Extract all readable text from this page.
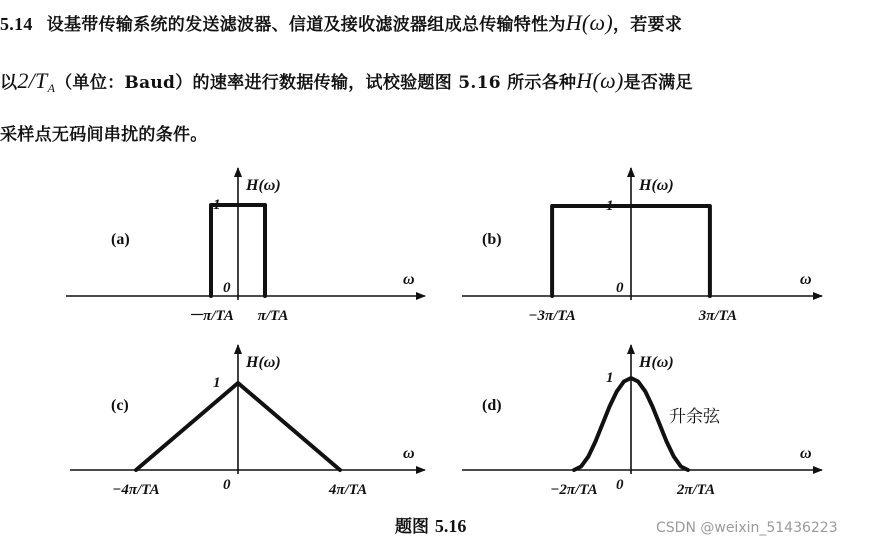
5.14 设基带传输系统的发送滤波器、信道及接收滤波器组成总传输特性为H(ω)，若要求
以$2/T_A$（单位：Baud）的速率进行数据传输，试校验题图 5.16 所示各种H(ω)是否满足
采样点无码间串扰的条件。
(a)
H(ω)
1
0	ω
－π/TA π/TA
(b)
H(ω)
1
0	ω
−3π/TA	3π/TA
(c)
H(ω)
1
0
ω
−4π/TA	4π/TA
(d)
H(ω)
1
0
ω
−2π/TA	2π/TA
升余弦
题图 5.16	CSDN @weixin_51436223
